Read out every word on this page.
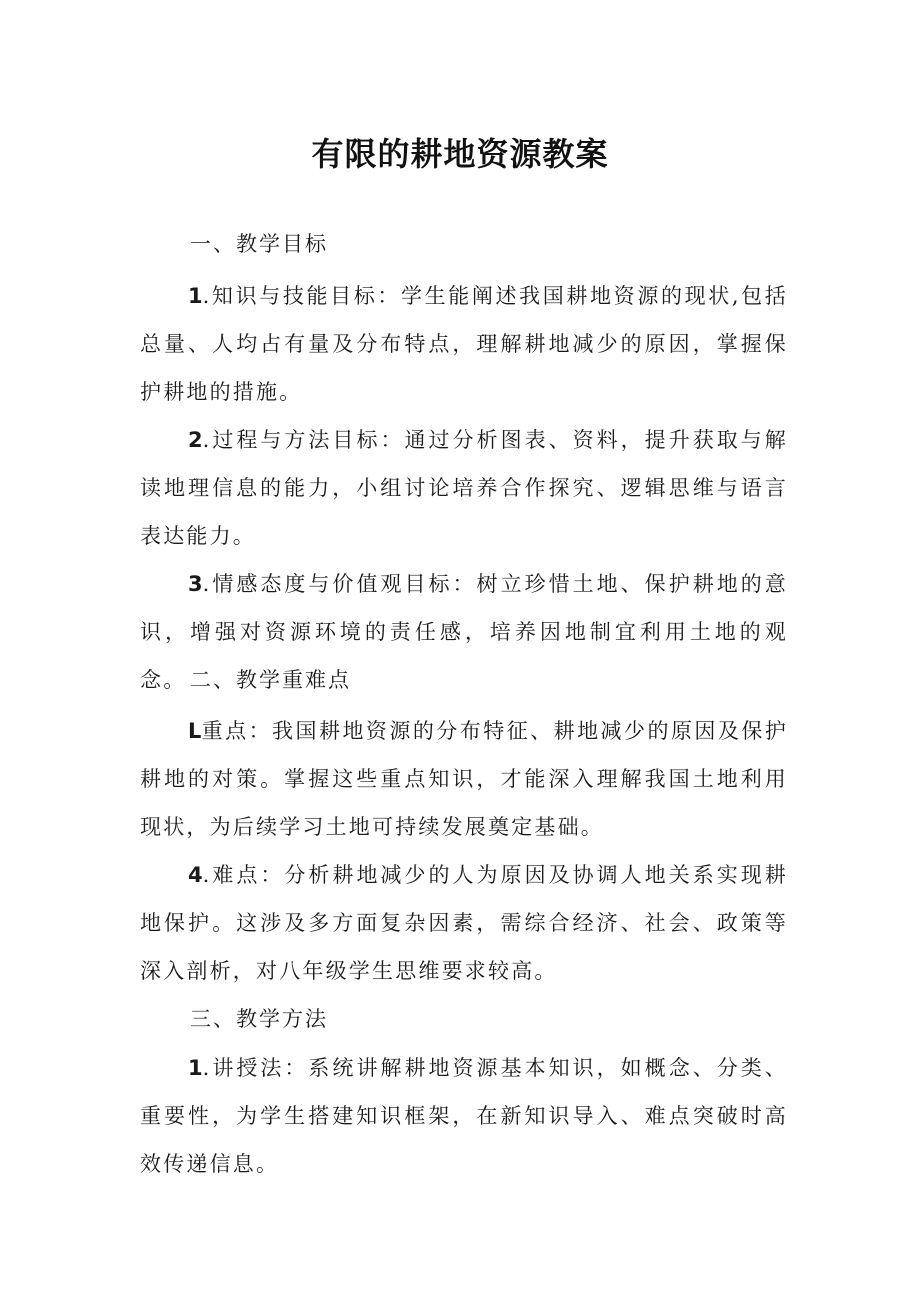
有限的耕地资源教案
一、教学目标
1.知识与技能目标：学生能阐述我国耕地资源的现状,包括总量、人均占有量及分布特点，理解耕地减少的原因，掌握保护耕地的措施。
2.过程与方法目标：通过分析图表、资料，提升获取与解读地理信息的能力，小组讨论培养合作探究、逻辑思维与语言表达能力。
3.情感态度与价值观目标：树立珍惜土地、保护耕地的意识，增强对资源环境的责任感，培养因地制宜利用土地的观念。 二、教学重难点
L重点：我国耕地资源的分布特征、耕地减少的原因及保护耕地的对策。掌握这些重点知识，才能深入理解我国土地利用现状，为后续学习土地可持续发展奠定基础。
4.难点：分析耕地减少的人为原因及协调人地关系实现耕地保护。这涉及多方面复杂因素，需综合经济、社会、政策等深入剖析，对八年级学生思维要求较高。
三、教学方法
1.讲授法：系统讲解耕地资源基本知识，如概念、分类、重要性，为学生搭建知识框架，在新知识导入、难点突破时高效传递信息。
